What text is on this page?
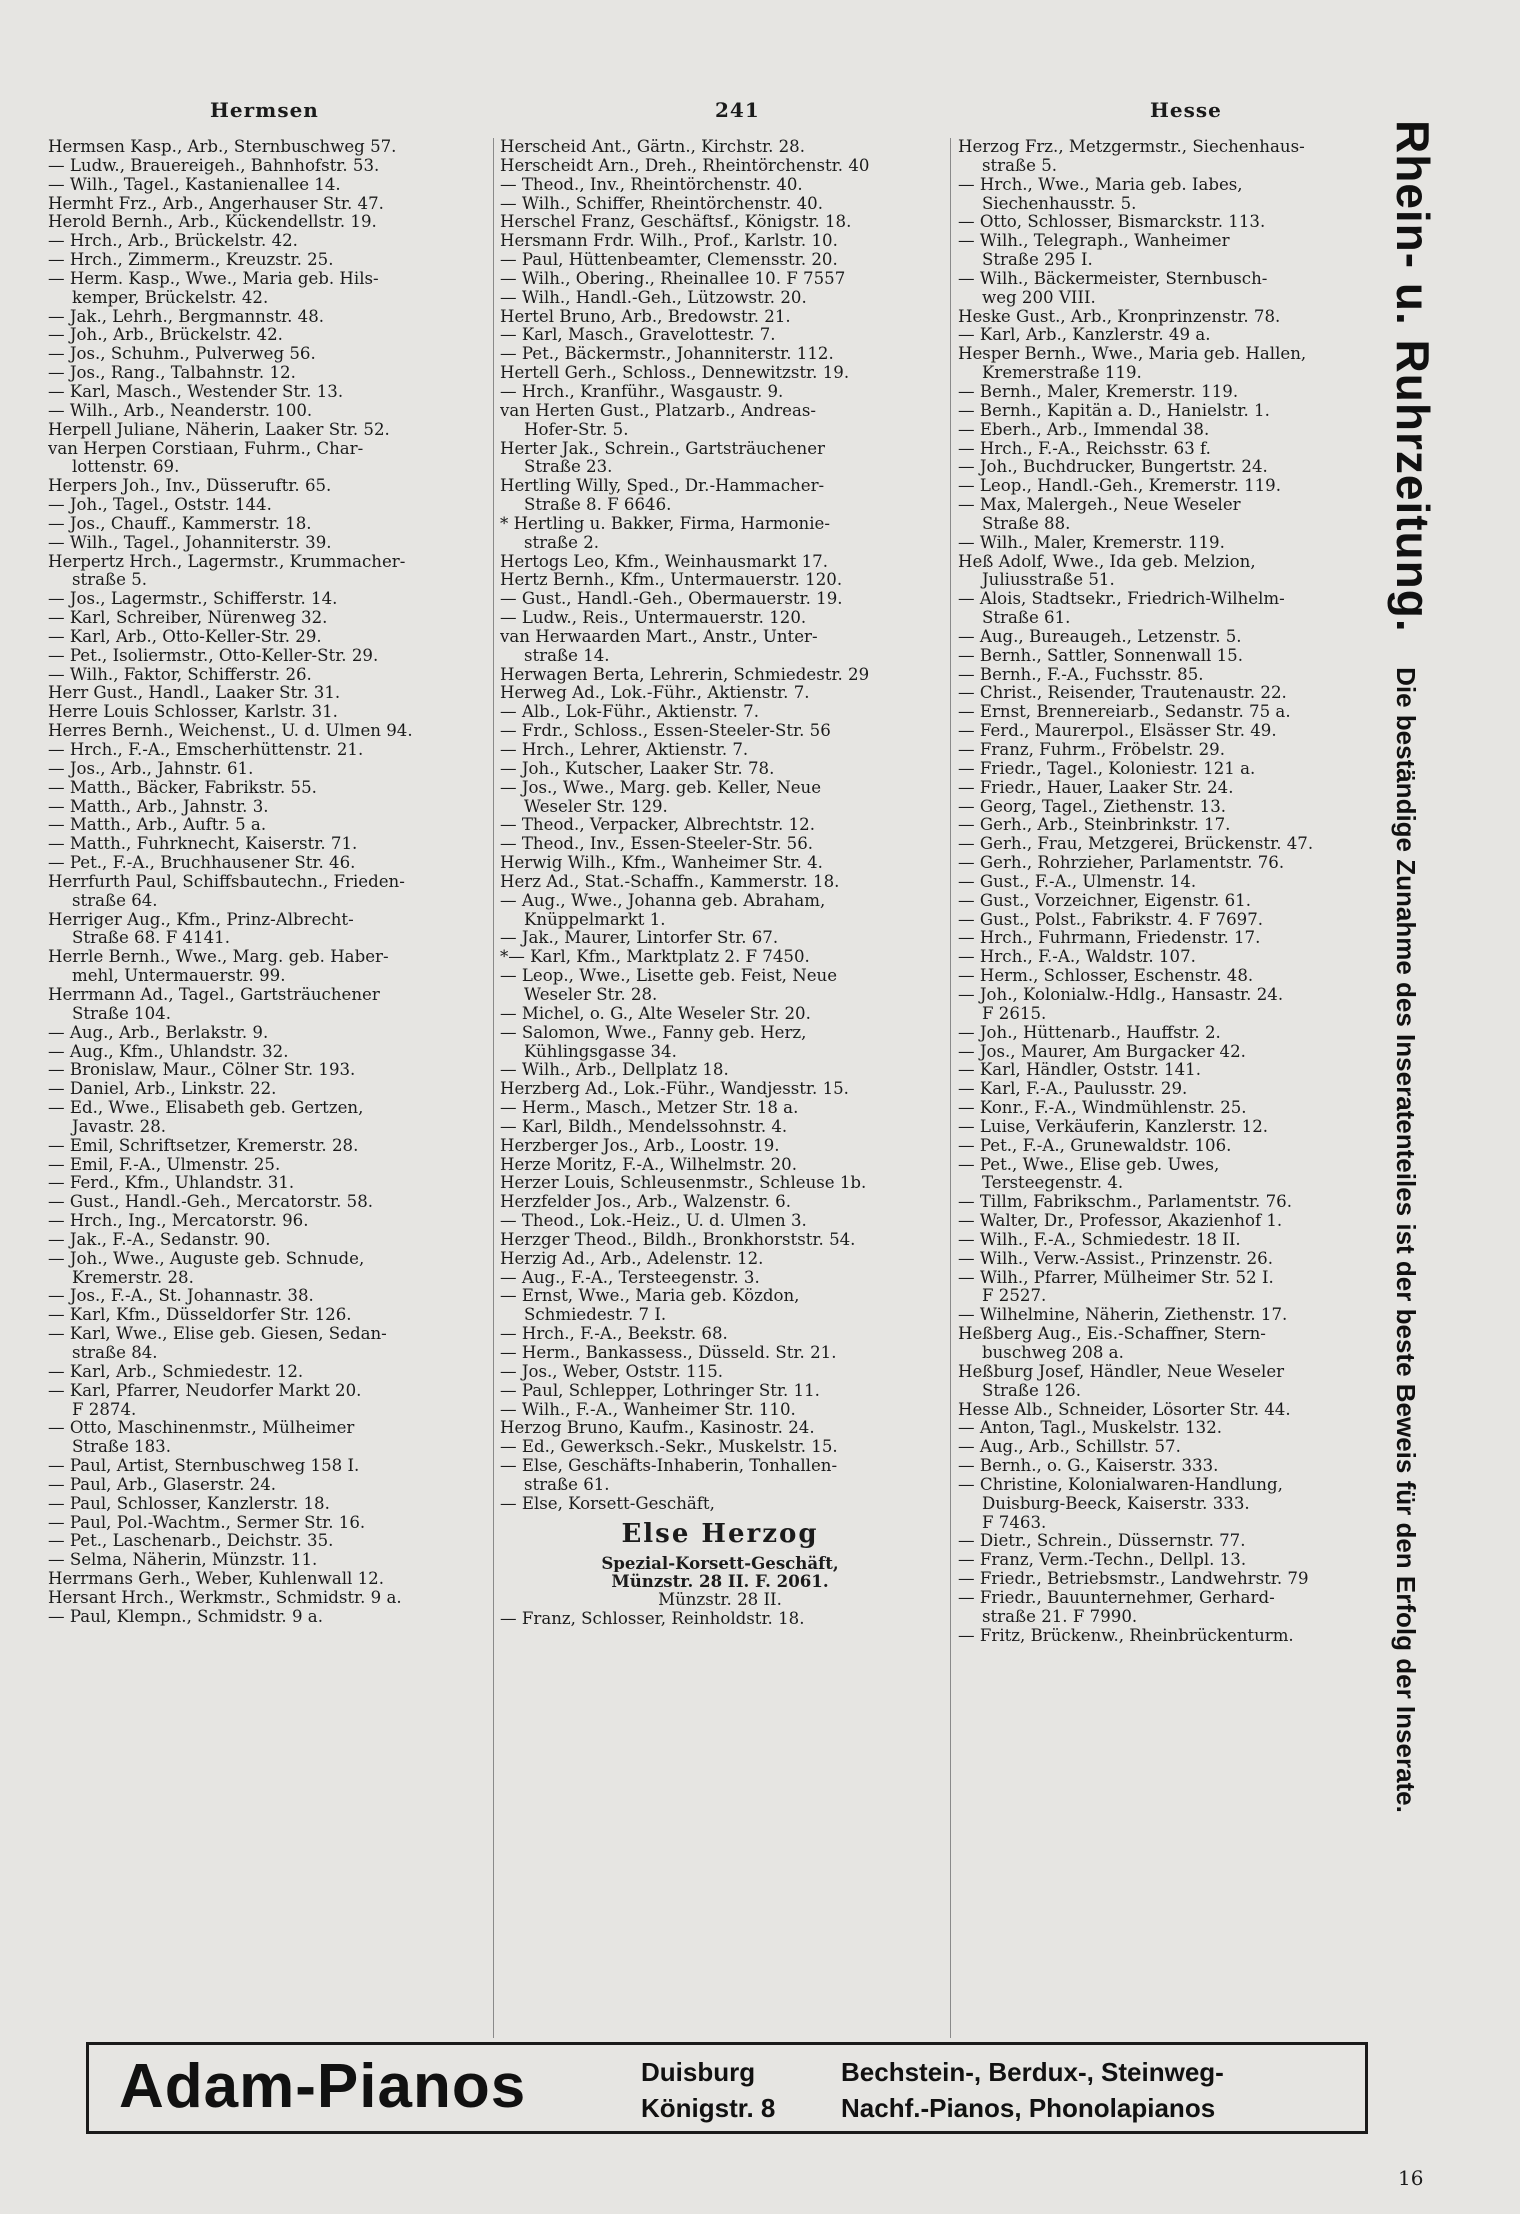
Hermsen	241	Hesse
Hermsen Kasp., Arb., Sternbuschweg 57.
— Ludw., Brauereigeh., Bahnhofstr. 53.
— Wilh., Tagel., Kastanienallee 14.
Hermht Frz., Arb., Angerhauser Str. 47.
Herold Bernh., Arb., Kückendellstr. 19.
— Hrch., Arb., Brückelstr. 42.
— Hrch., Zimmerm., Kreuzstr. 25.
— Herm. Kasp., Wwe., Maria geb. Hils-
kemper, Brückelstr. 42.
— Jak., Lehrh., Bergmannstr. 48.
— Joh., Arb., Brückelstr. 42.
— Jos., Schuhm., Pulverweg 56.
— Jos., Rang., Talbahnstr. 12.
— Karl, Masch., Westender Str. 13.
— Wilh., Arb., Neanderstr. 100.
Herpell Juliane, Näherin, Laaker Str. 52.
van Herpen Corstiaan, Fuhrm., Char-
lottenstr. 69.
Herpers Joh., Inv., Düsseruftr. 65.
— Joh., Tagel., Oststr. 144.
— Jos., Chauff., Kammerstr. 18.
— Wilh., Tagel., Johanniterstr. 39.
Herpertz Hrch., Lagermstr., Krummacher-
straße 5.
— Jos., Lagermstr., Schifferstr. 14.
— Karl, Schreiber, Nürenweg 32.
— Karl, Arb., Otto-Keller-Str. 29.
— Pet., Isoliermstr., Otto-Keller-Str. 29.
— Wilh., Faktor, Schifferstr. 26.
Herr Gust., Handl., Laaker Str. 31.
Herre Louis Schlosser, Karlstr. 31.
Herres Bernh., Weichenst., U. d. Ulmen 94.
— Hrch., F.-A., Emscherhüttenstr. 21.
— Jos., Arb., Jahnstr. 61.
— Matth., Bäcker, Fabrikstr. 55.
— Matth., Arb., Jahnstr. 3.
— Matth., Arb., Auftr. 5 a.
— Matth., Fuhrknecht, Kaiserstr. 71.
— Pet., F.-A., Bruchhausener Str. 46.
Herrfurth Paul, Schiffsbautechn., Frieden-
straße 64.
Herriger Aug., Kfm., Prinz-Albrecht-
Straße 68. F 4141.
Herrle Bernh., Wwe., Marg. geb. Haber-
mehl, Untermauerstr. 99.
Herrmann Ad., Tagel., Gartsträuchener
Straße 104.
— Aug., Arb., Berlakstr. 9.
— Aug., Kfm., Uhlandstr. 32.
— Bronislaw, Maur., Cölner Str. 193.
— Daniel, Arb., Linkstr. 22.
— Ed., Wwe., Elisabeth geb. Gertzen,
Javastr. 28.
— Emil, Schriftsetzer, Kremerstr. 28.
— Emil, F.-A., Ulmenstr. 25.
— Ferd., Kfm., Uhlandstr. 31.
— Gust., Handl.-Geh., Mercatorstr. 58.
— Hrch., Ing., Mercatorstr. 96.
— Jak., F.-A., Sedanstr. 90.
— Joh., Wwe., Auguste geb. Schnude,
Kremerstr. 28.
— Jos., F.-A., St. Johannastr. 38.
— Karl, Kfm., Düsseldorfer Str. 126.
— Karl, Wwe., Elise geb. Giesen, Sedan-
straße 84.
— Karl, Arb., Schmiedestr. 12.
— Karl, Pfarrer, Neudorfer Markt 20.
F 2874.
— Otto, Maschinenmstr., Mülheimer
Straße 183.
— Paul, Artist, Sternbuschweg 158 I.
— Paul, Arb., Glaserstr. 24.
— Paul, Schlosser, Kanzlerstr. 18.
— Paul, Pol.-Wachtm., Sermer Str. 16.
— Pet., Laschenarb., Deichstr. 35.
— Selma, Näherin, Münzstr. 11.
Herrmans Gerh., Weber, Kuhlenwall 12.
Hersant Hrch., Werkmstr., Schmidstr. 9 a.
— Paul, Klempn., Schmidstr. 9 a.
Herscheid Ant., Gärtn., Kirchstr. 28.
Herscheidt Arn., Dreh., Rheintörchenstr. 40
— Theod., Inv., Rheintörchenstr. 40.
— Wilh., Schiffer, Rheintörchenstr. 40.
Herschel Franz, Geschäftsf., Königstr. 18.
Hersmann Frdr. Wilh., Prof., Karlstr. 10.
— Paul, Hüttenbeamter, Clemensstr. 20.
— Wilh., Obering., Rheinallee 10. F 7557
— Wilh., Handl.-Geh., Lützowstr. 20.
Hertel Bruno, Arb., Bredowstr. 21.
— Karl, Masch., Gravelottestr. 7.
— Pet., Bäckermstr., Johanniterstr. 112.
Hertell Gerh., Schloss., Dennewitzstr. 19.
— Hrch., Kranführ., Wasgaustr. 9.
van Herten Gust., Platzarb., Andreas-
Hofer-Str. 5.
Herter Jak., Schrein., Gartsträuchener
Straße 23.
Hertling Willy, Sped., Dr.-Hammacher-
Straße 8. F 6646.
* Hertling u. Bakker, Firma, Harmonie-
straße 2.
Hertogs Leo, Kfm., Weinhausmarkt 17.
Hertz Bernh., Kfm., Untermauerstr. 120.
— Gust., Handl.-Geh., Obermauerstr. 19.
— Ludw., Reis., Untermauerstr. 120.
van Herwaarden Mart., Anstr., Unter-
straße 14.
Herwagen Berta, Lehrerin, Schmiedestr. 29
Herweg Ad., Lok.-Führ., Aktienstr. 7.
— Alb., Lok-Führ., Aktienstr. 7.
— Frdr., Schloss., Essen-Steeler-Str. 56
— Hrch., Lehrer, Aktienstr. 7.
— Joh., Kutscher, Laaker Str. 78.
— Jos., Wwe., Marg. geb. Keller, Neue
Weseler Str. 129.
— Theod., Verpacker, Albrechtstr. 12.
— Theod., Inv., Essen-Steeler-Str. 56.
Herwig Wilh., Kfm., Wanheimer Str. 4.
Herz Ad., Stat.-Schaffn., Kammerstr. 18.
— Aug., Wwe., Johanna geb. Abraham,
Knüppelmarkt 1.
— Jak., Maurer, Lintorfer Str. 67.
*— Karl, Kfm., Marktplatz 2. F 7450.
— Leop., Wwe., Lisette geb. Feist, Neue
Weseler Str. 28.
— Michel, o. G., Alte Weseler Str. 20.
— Salomon, Wwe., Fanny geb. Herz,
Kühlingsgasse 34.
— Wilh., Arb., Dellplatz 18.
Herzberg Ad., Lok.-Führ., Wandjesstr. 15.
— Herm., Masch., Metzer Str. 18 a.
— Karl, Bildh., Mendelssohnstr. 4.
Herzberger Jos., Arb., Loostr. 19.
Herze Moritz, F.-A., Wilhelmstr. 20.
Herzer Louis, Schleusenmstr., Schleuse 1b.
Herzfelder Jos., Arb., Walzenstr. 6.
— Theod., Lok.-Heiz., U. d. Ulmen 3.
Herzger Theod., Bildh., Bronkhorststr. 54.
Herzig Ad., Arb., Adelenstr. 12.
— Aug., F.-A., Tersteegenstr. 3.
— Ernst, Wwe., Maria geb. Közdon,
Schmiedestr. 7 I.
— Hrch., F.-A., Beekstr. 68.
— Herm., Bankassess., Düsseld. Str. 21.
— Jos., Weber, Oststr. 115.
— Paul, Schlepper, Lothringer Str. 11.
— Wilh., F.-A., Wanheimer Str. 110.
Herzog Bruno, Kaufm., Kasinostr. 24.
— Ed., Gewerksch.-Sekr., Muskelstr. 15.
— Else, Geschäfts-Inhaberin, Tonhallen-
straße 61.
— Else, Korsett-Geschäft,
Else Herzog
Spezial-Korsett-Geschäft,
Münzstr. 28 II. F. 2061.
Münzstr. 28 II.
— Franz, Schlosser, Reinholdstr. 18.
Herzog Frz., Metzgermstr., Siechenhaus-
straße 5.
— Hrch., Wwe., Maria geb. Iabes,
Siechenhausstr. 5.
— Otto, Schlosser, Bismarckstr. 113.
— Wilh., Telegraph., Wanheimer
Straße 295 I.
— Wilh., Bäckermeister, Sternbusch-
weg 200 VIII.
Heske Gust., Arb., Kronprinzenstr. 78.
— Karl, Arb., Kanzlerstr. 49 a.
Hesper Bernh., Wwe., Maria geb. Hallen,
Kremerstraße 119.
— Bernh., Maler, Kremerstr. 119.
— Bernh., Kapitän a. D., Hanielstr. 1.
— Eberh., Arb., Immendal 38.
— Hrch., F.-A., Reichsstr. 63 f.
— Joh., Buchdrucker, Bungertstr. 24.
— Leop., Handl.-Geh., Kremerstr. 119.
— Max, Malergeh., Neue Weseler
Straße 88.
— Wilh., Maler, Kremerstr. 119.
Heß Adolf, Wwe., Ida geb. Melzion,
Juliusstraße 51.
— Alois, Stadtsekr., Friedrich-Wilhelm-
Straße 61.
— Aug., Bureaugeh., Letzenstr. 5.
— Bernh., Sattler, Sonnenwall 15.
— Bernh., F.-A., Fuchsstr. 85.
— Christ., Reisender, Trautenaustr. 22.
— Ernst, Brennereiarb., Sedanstr. 75 a.
— Ferd., Maurerpol., Elsässer Str. 49.
— Franz, Fuhrm., Fröbelstr. 29.
— Friedr., Tagel., Koloniestr. 121 a.
— Friedr., Hauer, Laaker Str. 24.
— Georg, Tagel., Ziethenstr. 13.
— Gerh., Arb., Steinbrinkstr. 17.
— Gerh., Frau, Metzgerei, Brückenstr. 47.
— Gerh., Rohrzieher, Parlamentstr. 76.
— Gust., F.-A., Ulmenstr. 14.
— Gust., Vorzeichner, Eigenstr. 61.
— Gust., Polst., Fabrikstr. 4. F 7697.
— Hrch., Fuhrmann, Friedenstr. 17.
— Hrch., F.-A., Waldstr. 107.
— Herm., Schlosser, Eschenstr. 48.
— Joh., Kolonialw.-Hdlg., Hansastr. 24.
F 2615.
— Joh., Hüttenarb., Hauffstr. 2.
— Jos., Maurer, Am Burgacker 42.
— Karl, Händler, Oststr. 141.
— Karl, F.-A., Paulusstr. 29.
— Konr., F.-A., Windmühlenstr. 25.
— Luise, Verkäuferin, Kanzlerstr. 12.
— Pet., F.-A., Grunewaldstr. 106.
— Pet., Wwe., Elise geb. Uwes,
Tersteegenstr. 4.
— Tillm, Fabrikschm., Parlamentstr. 76.
— Walter, Dr., Professor, Akazienhof 1.
— Wilh., F.-A., Schmiedestr. 18 II.
— Wilh., Verw.-Assist., Prinzenstr. 26.
— Wilh., Pfarrer, Mülheimer Str. 52 I.
F 2527.
— Wilhelmine, Näherin, Ziethenstr. 17.
Heßberg Aug., Eis.-Schaffner, Stern-
buschweg 208 a.
Heßburg Josef, Händler, Neue Weseler
Straße 126.
Hesse Alb., Schneider, Lösorter Str. 44.
— Anton, Tagl., Muskelstr. 132.
— Aug., Arb., Schillstr. 57.
— Bernh., o. G., Kaiserstr. 333.
— Christine, Kolonialwaren-Handlung,
Duisburg-Beeck, Kaiserstr. 333.
F 7463.
— Dietr., Schrein., Düssernstr. 77.
— Franz, Verm.-Techn., Dellpl. 13.
— Friedr., Betriebsmstr., Landwehrstr. 79
— Friedr., Bauunternehmer, Gerhard-
straße 21. F 7990.
— Fritz, Brückenw., Rheinbrückenturm.
Rhein- u. Ruhrzeitung. Die beständige Zunahme des Inseratenteiles ist der beste Beweis für den Erfolg der Inserate.
Adam-Pianos	Duisburg
Königstr. 8
Bechstein-, Berdux-, Steinweg-
Nachf.-Pianos, Phonolapianos
16
